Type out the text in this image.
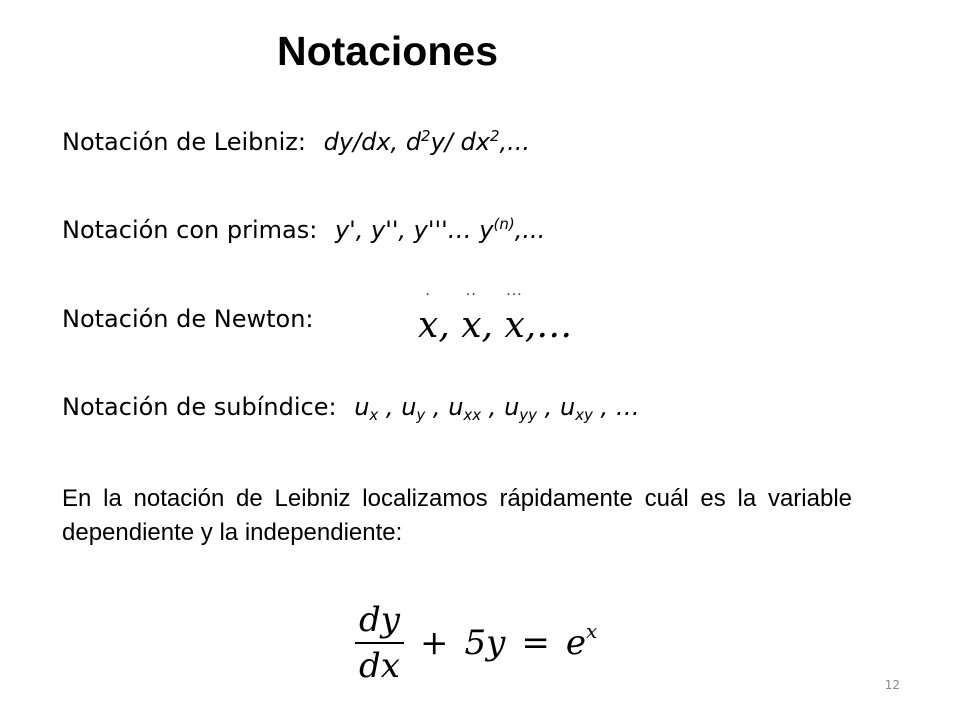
Notaciones
Notación de Leibniz: dy/dx, $d^2y/$ $dx^2$,...
Notación con primas: y', y'', y'''… $y^{(n)}$,...
Notación de Newton:
·
x,
··
x,
···
x,…
Notación de subíndice: $u_x$ , $u_y$ , $u_{xx}$ , $u_{yy}$ , $u_{xy}$ , …
En la notación de Leibniz localizamos rápidamente cuál es la variable dependiente y la independiente:
$\frac{dy}{dx} + 5y = e^x$
12
